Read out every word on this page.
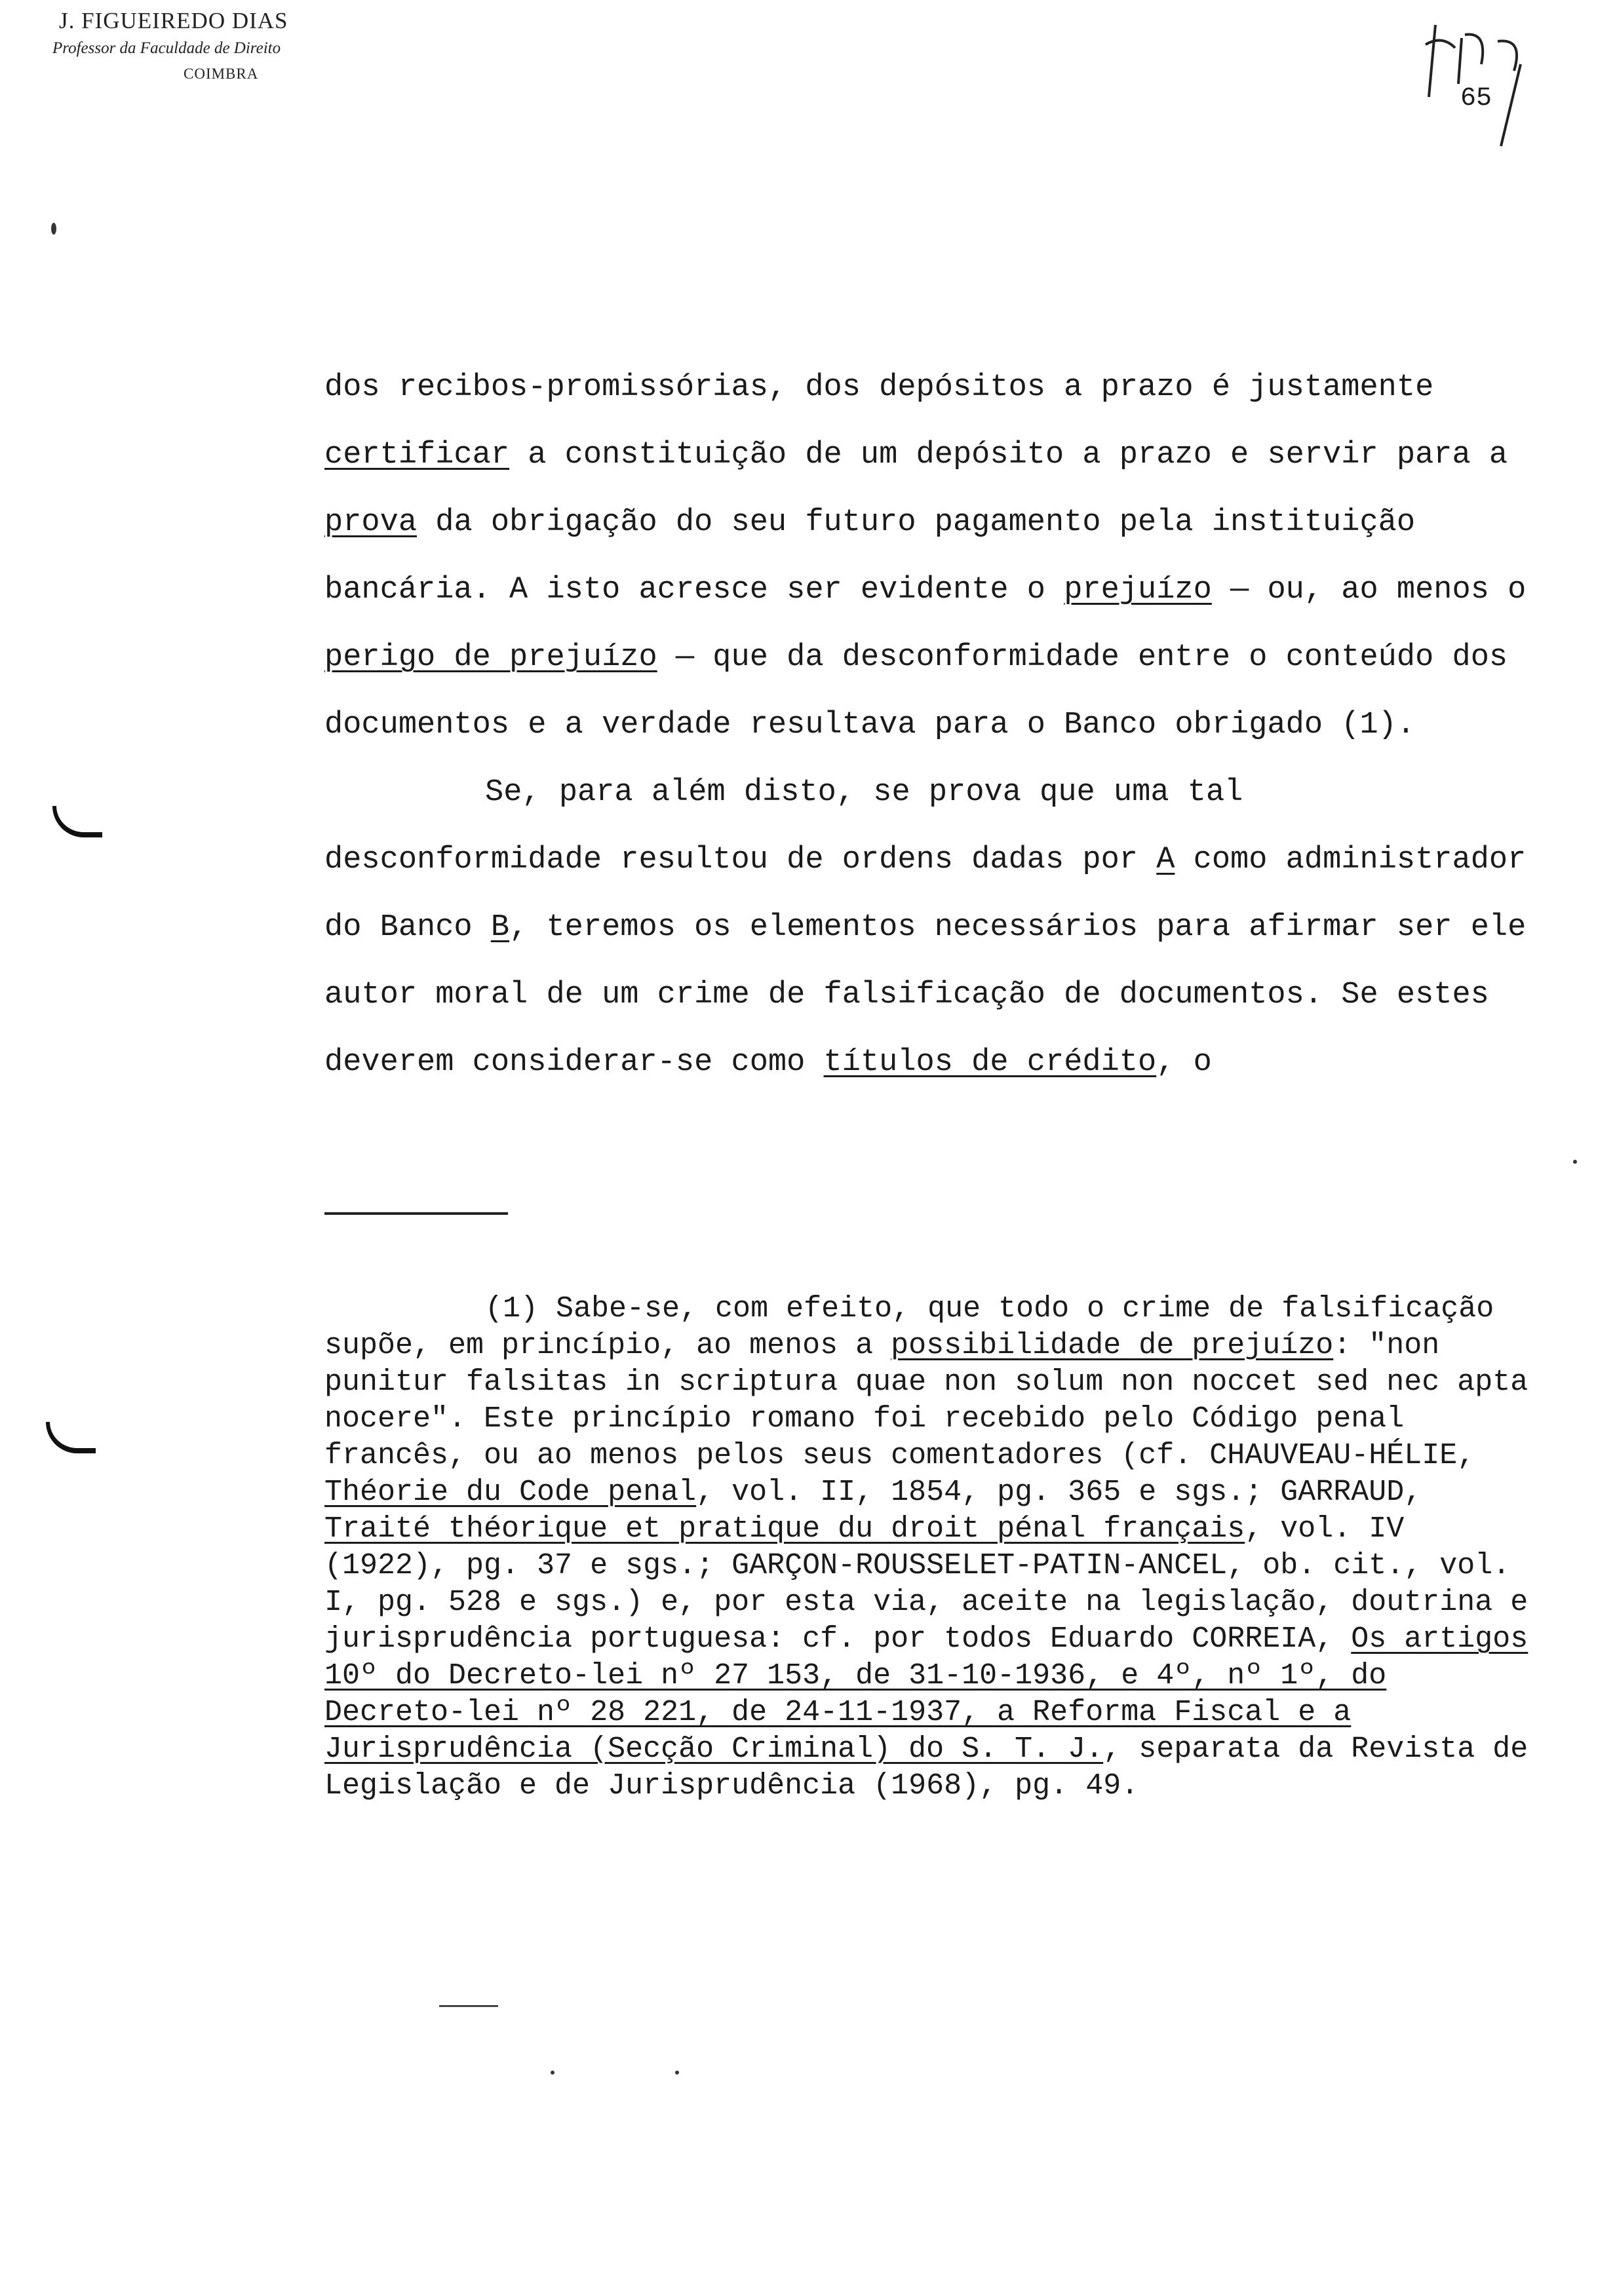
J. FIGUEIREDO DIAS
Professor da Faculdade de Direito
COIMBRA
65

dos recibos-promissórias, dos depósitos a prazo é justamente certificar a constituição de um depósito a prazo e servir para a prova da obrigação do seu futuro pagamento pela instituição bancária. A isto acresce ser evidente o prejuízo — ou, ao menos o perigo de prejuízo — que da desconformidade entre o conteúdo dos documentos e a verdade resultava para o Banco obrigado (1).

Se, para além disto, se prova que uma tal desconformidade resultou de ordens dadas por A como administrador do Banco B, teremos os elementos necessários para afirmar ser ele autor moral de um crime de falsificação de documentos. Se estes deverem considerar-se como títulos de crédito, o

(1) Sabe-se, com efeito, que todo o crime de falsificação supõe, em princípio, ao menos a possibilidade de prejuízo: "non punitur falsitas in scriptura quae non solum non noccet sed nec apta nocere". Este princípio romano foi recebido pelo Código penal francês, ou ao menos pelos seus comentadores (cf. CHAUVEAU-HÉLIE, Théorie du Code penal, vol. II, 1854, pg. 365 e sgs.; GARRAUD, Traité théorique et pratique du droit pénal français, vol. IV (1922), pg. 37 e sgs.; GARÇON-ROUSSELET-PATIN-ANCEL, ob. cit., vol. I, pg. 528 e sgs.) e, por esta via, aceite na legislação, doutrina e jurisprudência portuguesa: cf. por todos Eduardo CORREIA, Os artigos 10º do Decreto-lei nº 27 153, de 31-10-1936, e 4º, nº 1º, do Decreto-lei nº 28 221, de 24-11-1937, a Reforma Fiscal e a Jurisprudência (Secção Criminal) do S. T. J., separata da Revista de Legislação e de Jurisprudência (1968), pg. 49.
